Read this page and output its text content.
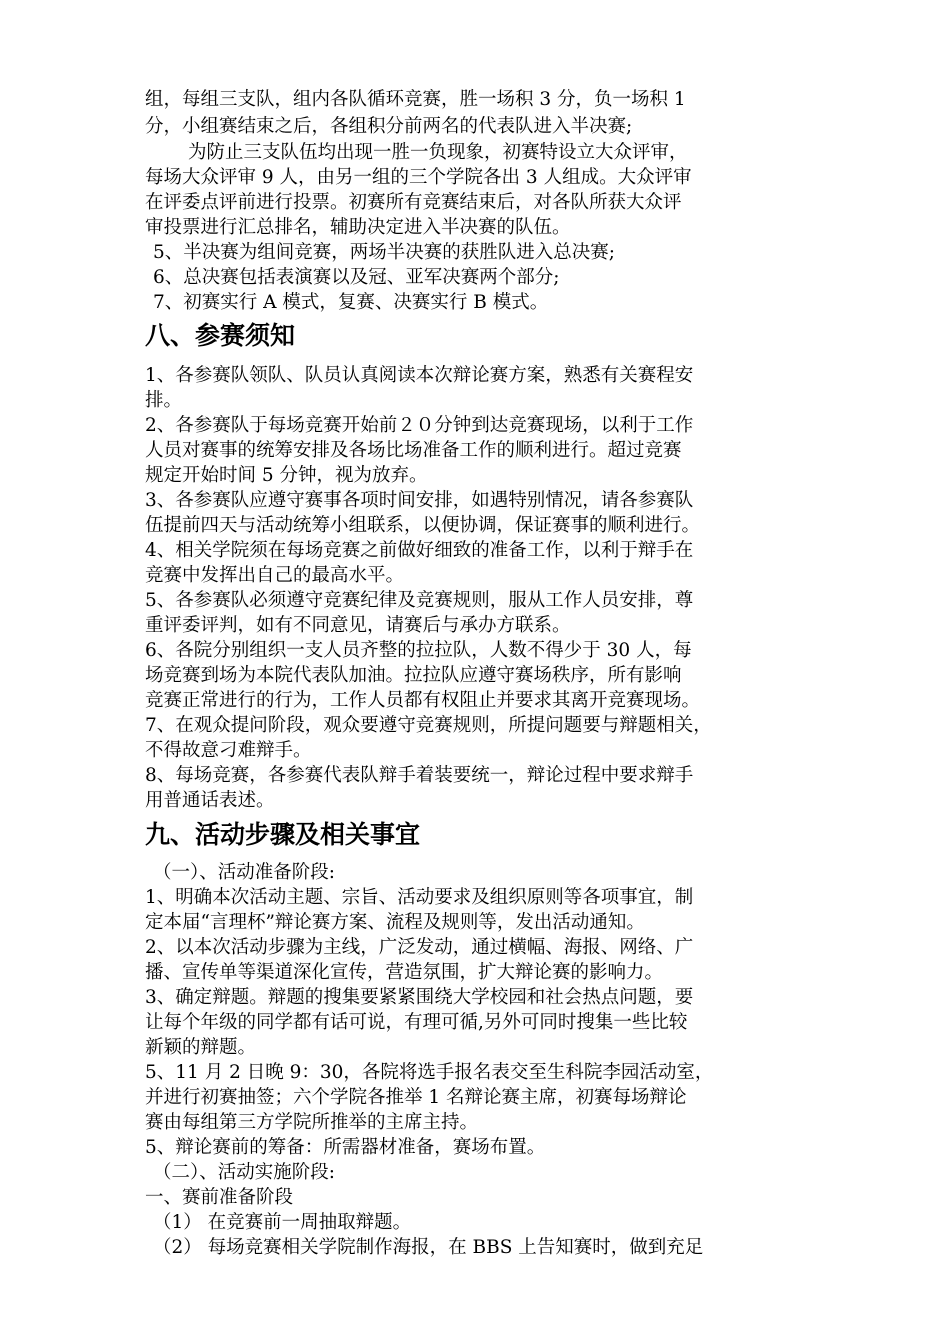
组，每组三支队，组内各队循环竞赛，胜一场积 3 分，负一场积 1
分，小组赛结束之后，各组积分前两名的代表队进入半决赛;
为防止三支队伍均出现一胜一负现象，初赛特设立大众评审，
每场大众评审 9 人，由另一组的三个学院各出 3 人组成。大众评审
在评委点评前进行投票。初赛所有竞赛结束后，对各队所获大众评
审投票进行汇总排名，辅助决定进入半决赛的队伍。
5、半决赛为组间竞赛，两场半决赛的获胜队进入总决赛;
6、总决赛包括表演赛以及冠、亚军决赛两个部分;
7、初赛实行 A 模式，复赛、决赛实行 B 模式。
八、参赛须知
1、各参赛队领队、队员认真阅读本次辩论赛方案，熟悉有关赛程安
排。
2、各参赛队于每场竞赛开始前２０分钟到达竞赛现场，以利于工作
人员对赛事的统筹安排及各场比场准备工作的顺利进行。超过竞赛
规定开始时间 5 分钟，视为放弃。
3、各参赛队应遵守赛事各项时间安排，如遇特别情况，请各参赛队
伍提前四天与活动统筹小组联系，以便协调，保证赛事的顺利进行。
4、相关学院须在每场竞赛之前做好细致的准备工作，以利于辩手在
竞赛中发挥出自己的最高水平。
5、各参赛队必须遵守竞赛纪律及竞赛规则，服从工作人员安排，尊
重评委评判，如有不同意见，请赛后与承办方联系。
6、各院分别组织一支人员齐整的拉拉队，人数不得少于 30 人，每
场竞赛到场为本院代表队加油。拉拉队应遵守赛场秩序，所有影响
竞赛正常进行的行为，工作人员都有权阻止并要求其离开竞赛现场。
7、在观众提问阶段，观众要遵守竞赛规则，所提问题要与辩题相关，
不得故意刁难辩手。
8、每场竞赛，各参赛代表队辩手着装要统一，辩论过程中要求辩手
用普通话表述。
九、活动步骤及相关事宜
（一）、活动准备阶段:
1、明确本次活动主题、宗旨、活动要求及组织原则等各项事宜，制
定本届“言理杯”辩论赛方案、流程及规则等，发出活动通知。
2、以本次活动步骤为主线，广泛发动，通过横幅、海报、网络、广
播、宣传单等渠道深化宣传，营造氛围，扩大辩论赛的影响力。
3、确定辩题。辩题的搜集要紧紧围绕大学校园和社会热点问题，要
让每个年级的同学都有话可说，有理可循,另外可同时搜集一些比较
新颖的辩题。
5、11 月 2 日晚 9：30，各院将选手报名表交至生科院李园活动室，
并进行初赛抽签；六个学院各推举 1 名辩论赛主席，初赛每场辩论
赛由每组第三方学院所推举的主席主持。
5、辩论赛前的筹备：所需器材准备，赛场布置。
（二）、活动实施阶段:
一、赛前准备阶段
（1） 在竞赛前一周抽取辩题。
（2） 每场竞赛相关学院制作海报，在 BBS 上告知赛时，做到充足
